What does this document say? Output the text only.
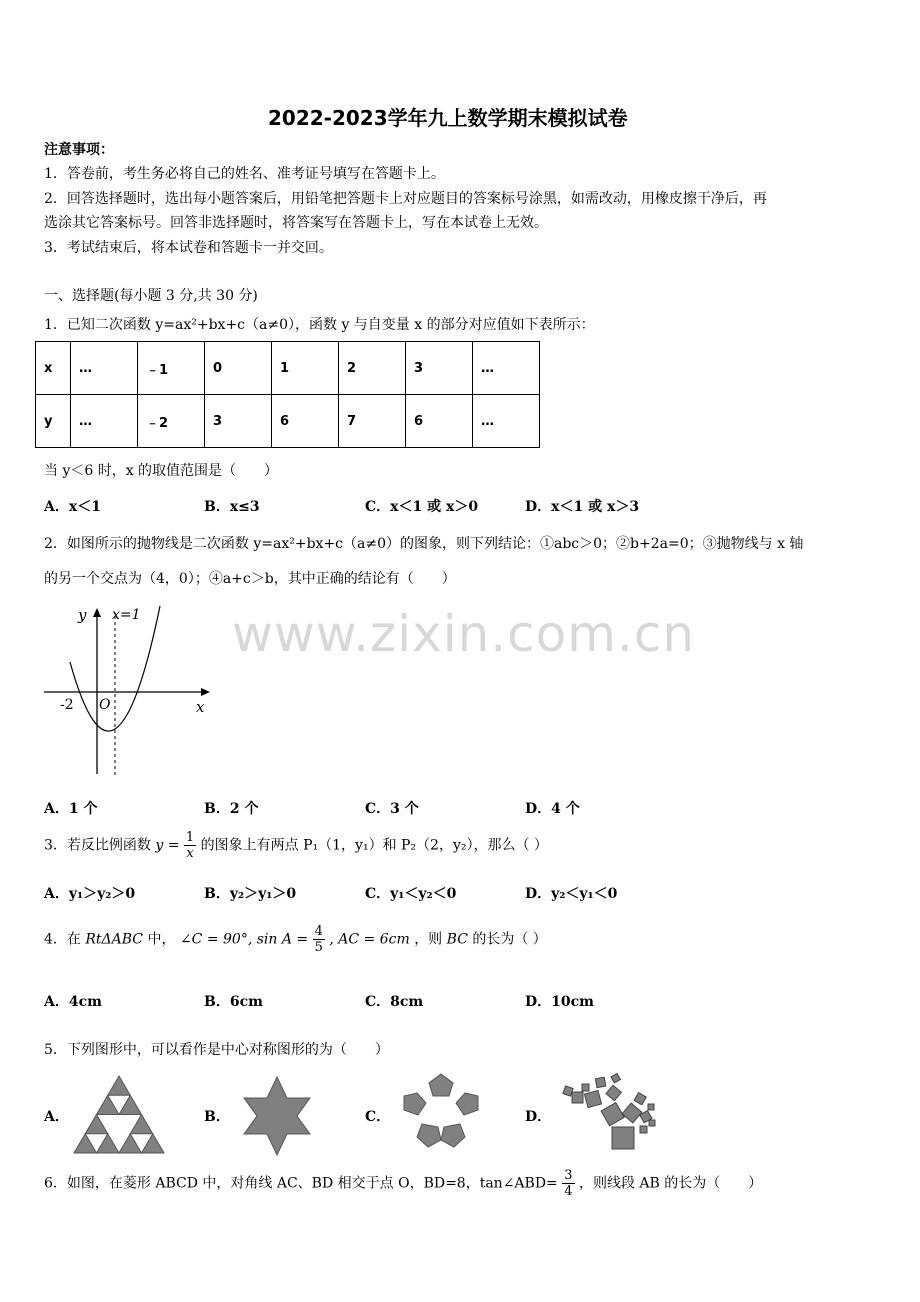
2022-2023学年九上数学期末模拟试卷
注意事项：
1．答卷前，考生务必将自己的姓名、准考证号填写在答题卡上。
2．回答选择题时，选出每小题答案后，用铅笔把答题卡上对应题目的答案标号涂黑，如需改动，用橡皮擦干净后，再
选涂其它答案标号。回答非选择题时，将答案写在答题卡上，写在本试卷上无效。
3．考试结束后，将本试卷和答题卡一并交回。
一、选择题(每小题 3 分,共 30 分)
1．已知二次函数 y=ax²+bx+c（a≠0），函数 y 与自变量 x 的部分对应值如下表所示：
x	…	﹣1	0	1	2	3	…
y	…	﹣2	3	6	7	6	…
当 y＜6 时，x 的取值范围是（　　）
A．x＜1	B．x≤3	C．x＜1 或 x＞0	D．x＜1 或 x＞3
2．如图所示的抛物线是二次函数 y=ax²+bx+c（a≠0）的图象，则下列结论：①abc＞0；②b+2a=0；③抛物线与 x 轴
的另一个交点为（4，0）；④a+c＞b，其中正确的结论有（　　）
www.zixin.com.cn
y x=1
x
O
-2
A．1 个	B．2 个	C．3 个	D．4 个
3．若反比例函数 $y = \frac{1}{x}$ 的图象上有两点 P₁（1，y₁）和 P₂（2，y₂），那么（ ）
A．y₁＞y₂＞0	B．y₂＞y₁＞0	C．y₁＜y₂＜0	D．y₂＜y₁＜0
4．在 RtΔABC 中， ∠C = 90°, $\sin A = \frac{4}{5}$ , AC = 6cm ，则 BC 的长为（ ）
A．4cm	B．6cm	C．8cm	D．10cm
5．下列图形中，可以看作是中心对称图形的为（　　）
A．	B．	C．	D．
6．如图，在菱形 ABCD 中，对角线 AC、BD 相交于点 O，BD=8，tan∠ABD= $\frac{3}{4}$ ，则线段 AB 的长为（　　）
